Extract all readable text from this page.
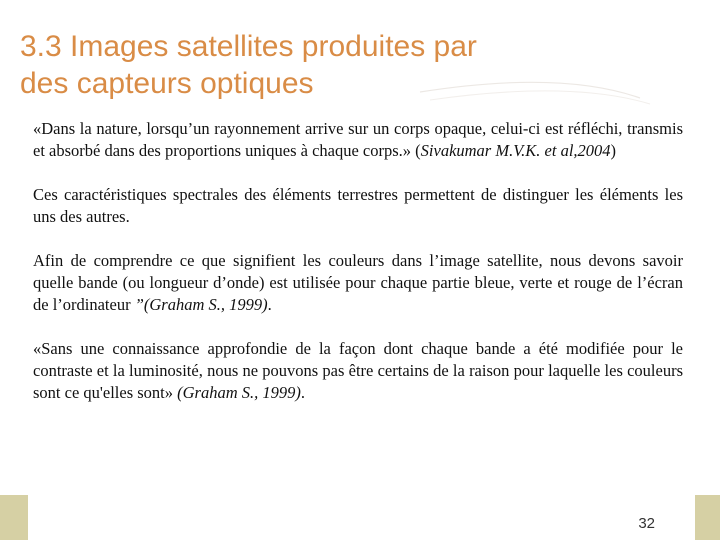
3.3 Images satellites produites par
des capteurs optiques

«Dans la nature, lorsqu’un rayonnement arrive sur un corps opaque, celui-ci est réfléchi, transmis et absorbé dans des proportions uniques à chaque corps.» (Sivakumar M.V.K. et al,2004)

Ces caractéristiques spectrales des éléments terrestres permettent de distinguer les éléments les uns des autres.

Afin de comprendre ce que signifient les couleurs dans l’image satellite, nous devons savoir quelle bande (ou longueur d’onde) est utilisée pour chaque partie bleue, verte et rouge de l’écran de l’ordinateur ”(Graham S., 1999).

«Sans une connaissance approfondie de la façon dont chaque bande a été modifiée pour le contraste et la luminosité, nous ne pouvons pas être certains de la raison pour laquelle les couleurs sont ce qu'elles sont» (Graham S., 1999).

32
